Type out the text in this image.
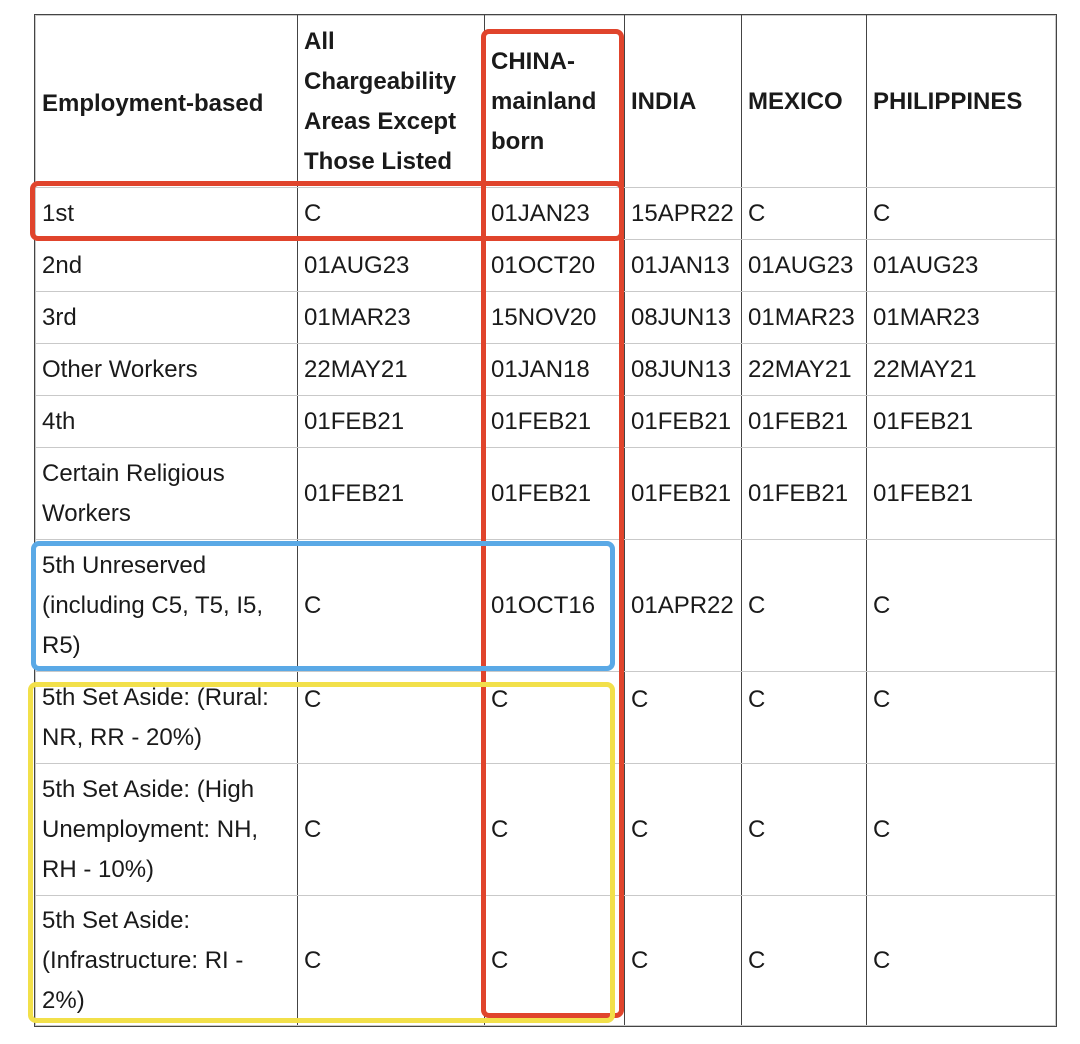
Employment-based	All Chargeability Areas Except Those Listed	CHINA-mainland born	INDIA	MEXICO	PHILIPPINES
1st	C	01JAN23	15APR22	C	C
2nd	01AUG23	01OCT20	01JAN13	01AUG23	01AUG23
3rd	01MAR23	15NOV20	08JUN13	01MAR23	01MAR23
Other Workers	22MAY21	01JAN18	08JUN13	22MAY21	22MAY21
4th	01FEB21	01FEB21	01FEB21	01FEB21	01FEB21
Certain Religious Workers	01FEB21	01FEB21	01FEB21	01FEB21	01FEB21
5th Unreserved (including C5, T5, I5, R5)	C	01OCT16	01APR22	C	C
5th Set Aside: (Rural: NR, RR - 20%)	C	C	C	C	C
5th Set Aside: (High Unemployment: NH, RH - 10%)	C	C	C	C	C
5th Set Aside: (Infrastructure: RI - 2%)	C	C	C	C	C
